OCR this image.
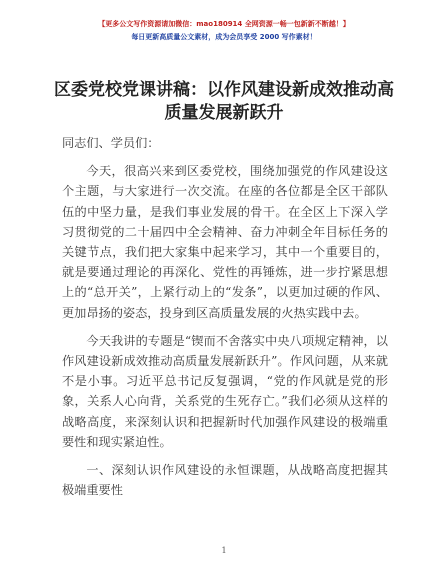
【更多公文写作资源请加微信：mao180914 全网资源一畅一包新新不断越！】
每日更新高质量公文素材，成为会员享受 2000 写作素材！
区委党校党课讲稿：以作风建设新成效推动高质量发展新跃升

同志们、学员们：

今天，很高兴来到区委党校，围绕加强党的作风建设这个主题，与大家进行一次交流。在座的各位都是全区干部队伍的中坚力量，是我们事业发展的骨干。在全区上下深入学习贯彻党的二十届四中全会精神、奋力冲刺全年目标任务的关键节点，我们把大家集中起来学习，其中一个重要目的，就是要通过理论的再深化、党性的再锤炼，进一步拧紧思想上的“总开关”，上紧行动上的“发条”，以更加过硬的作风、更加昂扬的姿态，投身到区高质量发展的火热实践中去。

今天我讲的专题是“锲而不舍落实中央八项规定精神，以作风建设新成效推动高质量发展新跃升”。作风问题，从来就不是小事。习近平总书记反复强调，“党的作风就是党的形象，关系人心向背，关系党的生死存亡。”我们必须从这样的战略高度，来深刻认识和把握新时代加强作风建设的极端重要性和现实紧迫性。

一、深刻认识作风建设的永恒课题，从战略高度把握其极端重要性

1
